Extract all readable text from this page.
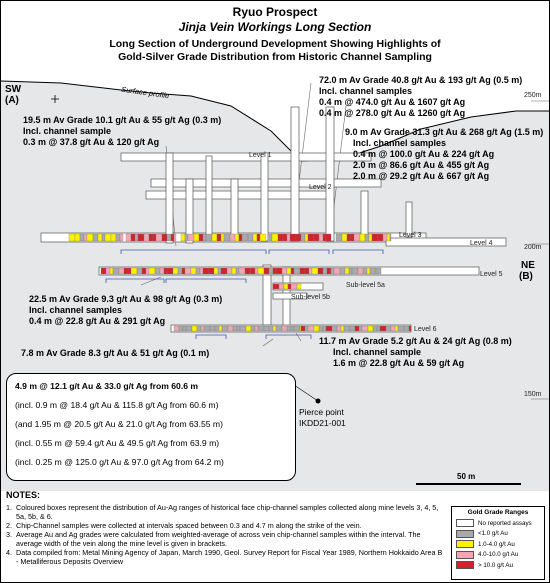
Ryuo Prospect
Jinja Vein Workings Long Section
Long Section of Underground Development Showing Highlights of
Gold-Silver Grade Distribution from Historic Channel Sampling
SW
(A)
NE
(B)
Surface profile	250m
200m
150m
Level 1
Level 2
Level 3
Level 4
Level 5
Level 6
Sub-level 5a
Sub-level 5b
19.5 m Av Grade 10.1 g/t Au & 55 g/t Ag (0.3 m)
Incl. channel sample
0.3 m @ 37.8 g/t Au & 120 g/t Ag
72.0 m Av Grade 40.8 g/t Au & 193 g/t Ag (0.5 m)
Incl. channel samples
0.4 m @ 474.0 g/t Au & 1607 g/t Ag
0.4 m @ 278.0 g/t Au & 1260 g/t Ag
9.0 m Av Grade 31.3 g/t Au & 268 g/t Ag (1.5 m)
Incl. channel samples
0.4 m @ 100.0 g/t Au & 224 g/t Ag
2.0 m @ 86.6 g/t Au & 455 g/t Ag
2.0 m @ 29.2 g/t Au & 667 g/t Ag
22.5 m Av Grade 9.3 g/t Au & 98 g/t Ag (0.3 m)
Incl. channel samples
0.4 m @ 22.8 g/t Au & 291 g/t Ag
7.8 m Av Grade 8.3 g/t Au & 51 g/t Ag (0.1 m)
11.7 m Av Grade 5.2 g/t Au & 24 g/t Ag (0.8 m)
Incl. channel sample
1.6 m @ 22.8 g/t Au & 59 g/t Ag
Pierce point
IKDD21-001
50 m
4.9 m @ 12.1 g/t Au & 33.0 g/t Ag from 60.6 m
(incl. 0.9 m @ 18.4 g/t Au & 115.8 g/t Ag from 60.6 m)
(and 1.95 m @ 20.5 g/t Au & 21.0 g/t Ag from 63.55 m)
(incl. 0.55 m @ 59.4 g/t Au & 49.5 g/t Ag from 63.9 m)
(incl. 0.25 m @ 125.0 g/t Au & 97.0 g/t Ag from 64.2 m)
NOTES:
1. Coloured boxes represent the distribution of Au-Ag ranges of historical face chip-channel samples collected along mine levels 3, 4, 5, 5a, 5b, & 6.
2. Chip-Channel samples were collected at intervals spaced between 0.3 and 4.7 m along the strike of the vein.
3. Average Au and Ag grades were calculated from weighted-average of across vein chip-channel samples within the interval. The average width of the vein along the mine level is given in brackets.
4. Data compiled from: Metal Mining Agency of Japan, March 1990, Geol. Survey Report for Fiscal Year 1989, Northern Hokkaido Area B - Metalliferous Deposits Overview
Gold Grade Ranges
No reported assays
<1.0 g/t Au
1.0-4.0 g/t Au
4.0-10.0 g/t Au
> 10.0 g/t Au
